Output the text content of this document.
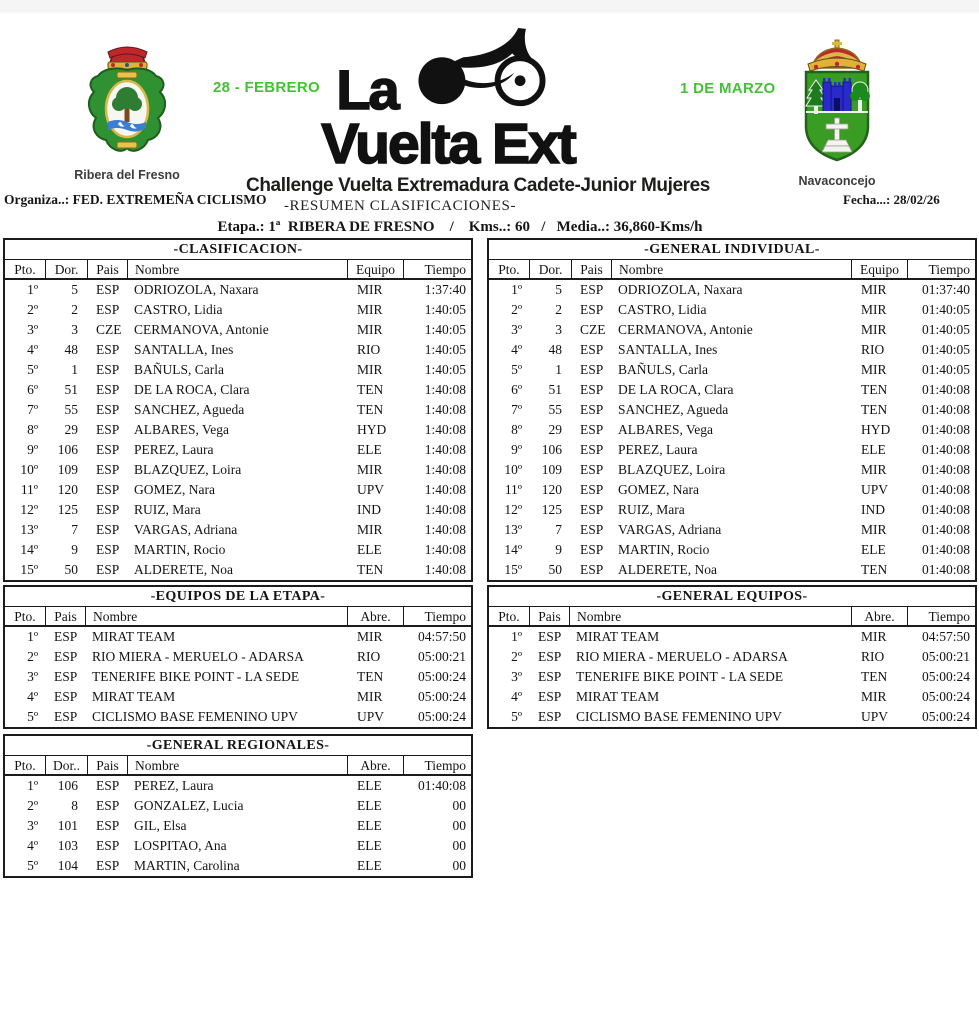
Ribera del Fresno
28 - FEBRERO La
Vuelta Ext
1 DE MARZO
Navaconcejo
Challenge Vuelta Extremadura Cadete-Junior Mujeres
Organiza..: FED. EXTREMEÑA CICLISMO	-RESUMEN CLASIFICACIONES-	Fecha...: 28/02/26
Etapa.: 1ª  RIBERA DE FRESNO    /    Kms..: 60   /   Media..: 36,860-Kms/h
-CLASIFICACION-
Pto.	Dor.	Pais	Nombre	Equipo	Tiempo
1º	5	ESP	ODRIOZOLA, Naxara	MIR	1:37:40
2º	2	ESP	CASTRO, Lidia	MIR	1:40:05
3º	3	CZE CERMANOVA, Antonie	MIR	1:40:05
4º	48	ESP	SANTALLA, Ines	RIO	1:40:05
5º	1	ESP	BAÑULS, Carla	MIR	1:40:05
6º	51	ESP	DE LA ROCA, Clara	TEN	1:40:08
7º	55	ESP	SANCHEZ, Agueda	TEN	1:40:08
8º	29	ESP	ALBARES, Vega	HYD	1:40:08
9º	106	ESP	PEREZ, Laura	ELE	1:40:08
10º	109	ESP	BLAZQUEZ, Loira	MIR	1:40:08
11º	120	ESP	GOMEZ, Nara	UPV	1:40:08
12º	125	ESP	RUIZ, Mara	IND	1:40:08
13º	7	ESP	VARGAS, Adriana	MIR	1:40:08
14º	9	ESP	MARTIN, Rocio	ELE	1:40:08
15º	50	ESP	ALDERETE, Noa	TEN	1:40:08
-GENERAL INDIVIDUAL-
Pto.	Dor.	Pais	Nombre	Equipo	Tiempo
1º	5	ESP	ODRIOZOLA, Naxara	MIR	01:37:40
2º	2	ESP	CASTRO, Lidia	MIR	01:40:05
3º	3	CZE CERMANOVA, Antonie	MIR	01:40:05
4º	48	ESP	SANTALLA, Ines	RIO	01:40:05
5º	1	ESP	BAÑULS, Carla	MIR	01:40:05
6º	51	ESP	DE LA ROCA, Clara	TEN	01:40:08
7º	55	ESP	SANCHEZ, Agueda	TEN	01:40:08
8º	29	ESP	ALBARES, Vega	HYD	01:40:08
9º	106	ESP	PEREZ, Laura	ELE	01:40:08
10º	109	ESP	BLAZQUEZ, Loira	MIR	01:40:08
11º	120	ESP	GOMEZ, Nara	UPV	01:40:08
12º	125	ESP	RUIZ, Mara	IND	01:40:08
13º	7	ESP	VARGAS, Adriana	MIR	01:40:08
14º	9	ESP	MARTIN, Rocio	ELE	01:40:08
15º	50	ESP	ALDERETE, Noa	TEN	01:40:08
-EQUIPOS DE LA ETAPA-
Pto.	Pais	Nombre	Abre.	Tiempo
1º	ESP	MIRAT TEAM	MIR	04:57:50
2º	ESP	RIO MIERA - MERUELO - ADARSA	RIO	05:00:21
3º	ESP	TENERIFE BIKE POINT - LA SEDE	TEN	05:00:24
4º	ESP	MIRAT TEAM	MIR	05:00:24
5º	ESP	CICLISMO BASE FEMENINO UPV	UPV	05:00:24
-GENERAL EQUIPOS-
Pto.	Pais	Nombre	Abre.	Tiempo
1º	ESP	MIRAT TEAM	MIR	04:57:50
2º	ESP	RIO MIERA - MERUELO - ADARSA	RIO	05:00:21
3º	ESP	TENERIFE BIKE POINT - LA SEDE	TEN	05:00:24
4º	ESP	MIRAT TEAM	MIR	05:00:24
5º	ESP	CICLISMO BASE FEMENINO UPV	UPV	05:00:24
-GENERAL REGIONALES-
Pto.	Dor..	Pais	Nombre	Abre.	Tiempo
1º	106	ESP	PEREZ, Laura	ELE	01:40:08
2º	8	ESP	GONZALEZ, Lucia	ELE	00
3º	101	ESP	GIL, Elsa	ELE	00
4º	103	ESP	LOSPITAO, Ana	ELE	00
5º	104	ESP	MARTIN, Carolina	ELE	00
